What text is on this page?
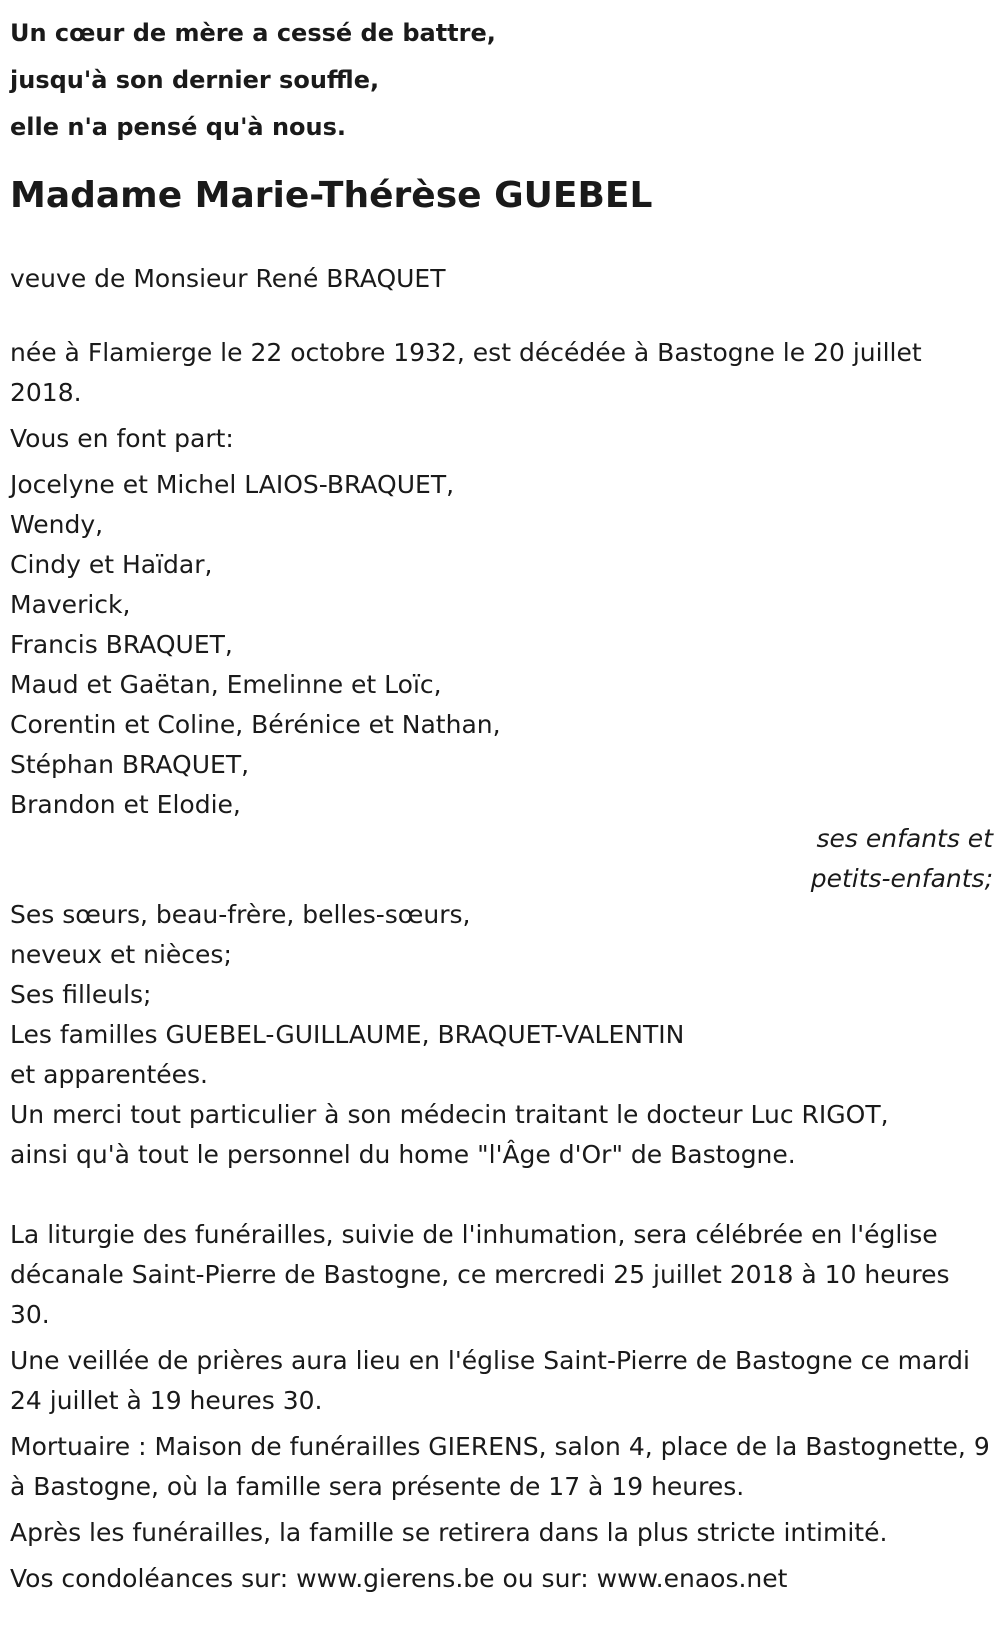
Un cœur de mère a cessé de battre,
jusqu'à son dernier souffle,
elle n'a pensé qu'à nous.
Madame Marie-Thérèse GUEBEL
veuve de Monsieur René BRAQUET
née à Flamierge le 22 octobre 1932, est décédée à Bastogne le 20 juillet 2018.
Vous en font part:
Jocelyne et Michel LAIOS-BRAQUET,
Wendy,
Cindy et Haïdar,
Maverick,
Francis BRAQUET,
Maud et Gaëtan, Emelinne et Loïc,
Corentin et Coline, Bérénice et Nathan,
Stéphan BRAQUET,
Brandon et Elodie,
ses enfants et
petits-enfants;
Ses sœurs, beau-frère, belles-sœurs,
neveux et nièces;
Ses filleuls;
Les familles GUEBEL-GUILLAUME, BRAQUET-VALENTIN
et apparentées.
Un merci tout particulier à son médecin traitant le docteur Luc RIGOT,
ainsi qu'à tout le personnel du home "l'Âge d'Or" de Bastogne.
La liturgie des funérailles, suivie de l'inhumation, sera célébrée en l'église décanale Saint-Pierre de Bastogne, ce mercredi 25 juillet 2018 à 10 heures 30.
Une veillée de prières aura lieu en l'église Saint-Pierre de Bastogne ce mardi 24 juillet à 19 heures 30.
Mortuaire : Maison de funérailles GIERENS, salon 4, place de la Bastognette, 9 à Bastogne, où la famille sera présente de 17 à 19 heures.
Après les funérailles, la famille se retirera dans la plus stricte intimité.
Vos condoléances sur: www.gierens.be ou sur: www.enaos.net
